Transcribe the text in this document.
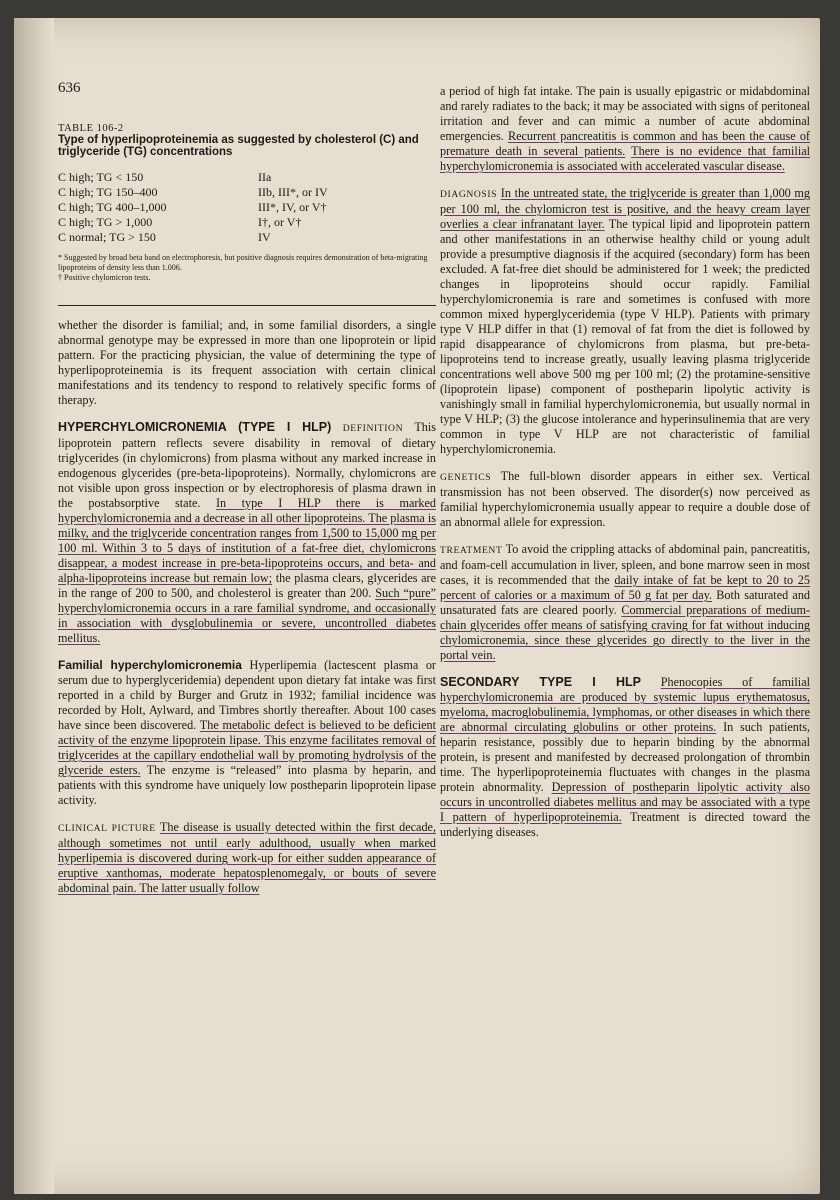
636
TABLE 106-2
Type of hyperlipoproteinemia as suggested by cholesterol (C) and triglyceride (TG) concentrations
C high; TG < 150	IIa
C high; TG 150–400	IIb, III*, or IV
C high; TG 400–1,000	III*, IV, or V†
C high; TG > 1,000	I†, or V†
C normal; TG > 150	IV
* Suggested by broad beta band on electrophoresis, but positive diagnosis requires demonstration of beta-migrating lipoproteins of density less than 1.006.
† Positive chylomicron tests.

whether the disorder is familial; and, in some familial disorders, a single abnormal genotype may be expressed in more than one lipoprotein or lipid pattern. For the practicing physician, the value of determining the type of hyperlipoproteinemia is its frequent association with certain clinical manifestations and its tendency to respond to relatively specific forms of therapy.

HYPERCHYLOMICRONEMIA (TYPE I HLP) DEFINITION This lipoprotein pattern reflects severe disability in removal of dietary triglycerides (in chylomicrons) from plasma without any marked increase in endogenous glycerides (pre-beta-lipoproteins). Normally, chylomicrons are not visible upon gross inspection or by electrophoresis of plasma drawn in the postabsorptive state. In type I HLP there is marked hyperchylomicronemia and a decrease in all other lipoproteins. The plasma is milky, and the triglyceride concentration ranges from 1,500 to 15,000 mg per 100 ml. Within 3 to 5 days of institution of a fat-free diet, chylomicrons disappear, a modest increase in pre-beta-lipoproteins occurs, and beta- and alpha-lipoproteins increase but remain low; the plasma clears, glycerides are in the range of 200 to 500, and cholesterol is greater than 200. Such “pure” hyperchylomicronemia occurs in a rare familial syndrome, and occasionally in association with dysglobulinemia or severe, uncontrolled diabetes mellitus.

Familial hyperchylomicronemia Hyperlipemia (lactescent plasma or serum due to hyperglyceridemia) dependent upon dietary fat intake was first reported in a child by Burger and Grutz in 1932; familial incidence was recorded by Holt, Aylward, and Timbres shortly thereafter. About 100 cases have since been discovered. The metabolic defect is believed to be deficient activity of the enzyme lipoprotein lipase. This enzyme facilitates removal of triglycerides at the capillary endothelial wall by promoting hydrolysis of the glyceride esters. The enzyme is “released” into plasma by heparin, and patients with this syndrome have uniquely low postheparin lipoprotein lipase activity.

CLINICAL PICTURE The disease is usually detected within the first decade, although sometimes not until early adulthood, usually when marked hyperlipemia is discovered during work-up for either sudden appearance of eruptive xanthomas, moderate hepatosplenomegaly, or bouts of severe abdominal pain. The latter usually follow

a period of high fat intake. The pain is usually epigastric or midabdominal and rarely radiates to the back; it may be associated with signs of peritoneal irritation and fever and can mimic a number of acute abdominal emergencies. Recurrent pancreatitis is common and has been the cause of premature death in several patients. There is no evidence that familial hyperchylomicronemia is associated with accelerated vascular disease.

DIAGNOSIS In the untreated state, the triglyceride is greater than 1,000 mg per 100 ml, the chylomicron test is positive, and the heavy cream layer overlies a clear infranatant layer. The typical lipid and lipoprotein pattern and other manifestations in an otherwise healthy child or young adult provide a presumptive diagnosis if the acquired (secondary) form has been excluded. A fat-free diet should be administered for 1 week; the predicted changes in lipoproteins should occur rapidly. Familial hyperchylomicronemia is rare and sometimes is confused with more common mixed hyperglyceridemia (type V HLP). Patients with primary type V HLP differ in that (1) removal of fat from the diet is followed by rapid disappearance of chylomicrons from plasma, but pre-beta-lipoproteins tend to increase greatly, usually leaving plasma triglyceride concentrations well above 500 mg per 100 ml; (2) the protamine-sensitive (lipoprotein lipase) component of postheparin lipolytic activity is vanishingly small in familial hyperchylomicronemia, but usually normal in type V HLP; (3) the glucose intolerance and hyperinsulinemia that are very common in type V HLP are not characteristic of familial hyperchylomicronemia.

GENETICS The full-blown disorder appears in either sex. Vertical transmission has not been observed. The disorder(s) now perceived as familial hyperchylomicronemia usually appear to require a double dose of an abnormal allele for expression.

TREATMENT To avoid the crippling attacks of abdominal pain, pancreatitis, and foam-cell accumulation in liver, spleen, and bone marrow seen in most cases, it is recommended that the daily intake of fat be kept to 20 to 25 percent of calories or a maximum of 50 g fat per day. Both saturated and unsaturated fats are cleared poorly. Commercial preparations of medium-chain glycerides offer means of satisfying craving for fat without inducing chylomicronemia, since these glycerides go directly to the liver in the portal vein.

SECONDARY TYPE I HLP Phenocopies of familial hyperchylomicronemia are produced by systemic lupus erythematosus, myeloma, macroglobulinemia, lymphomas, or other diseases in which there are abnormal circulating globulins or other proteins. In such patients, heparin resistance, possibly due to heparin binding by the abnormal protein, is present and manifested by decreased prolongation of thrombin time. The hyperlipoproteinemia fluctuates with changes in the plasma protein abnormality. Depression of postheparin lipolytic activity also occurs in uncontrolled diabetes mellitus and may be associated with a type I pattern of hyperlipoproteinemia. Treatment is directed toward the underlying diseases.
